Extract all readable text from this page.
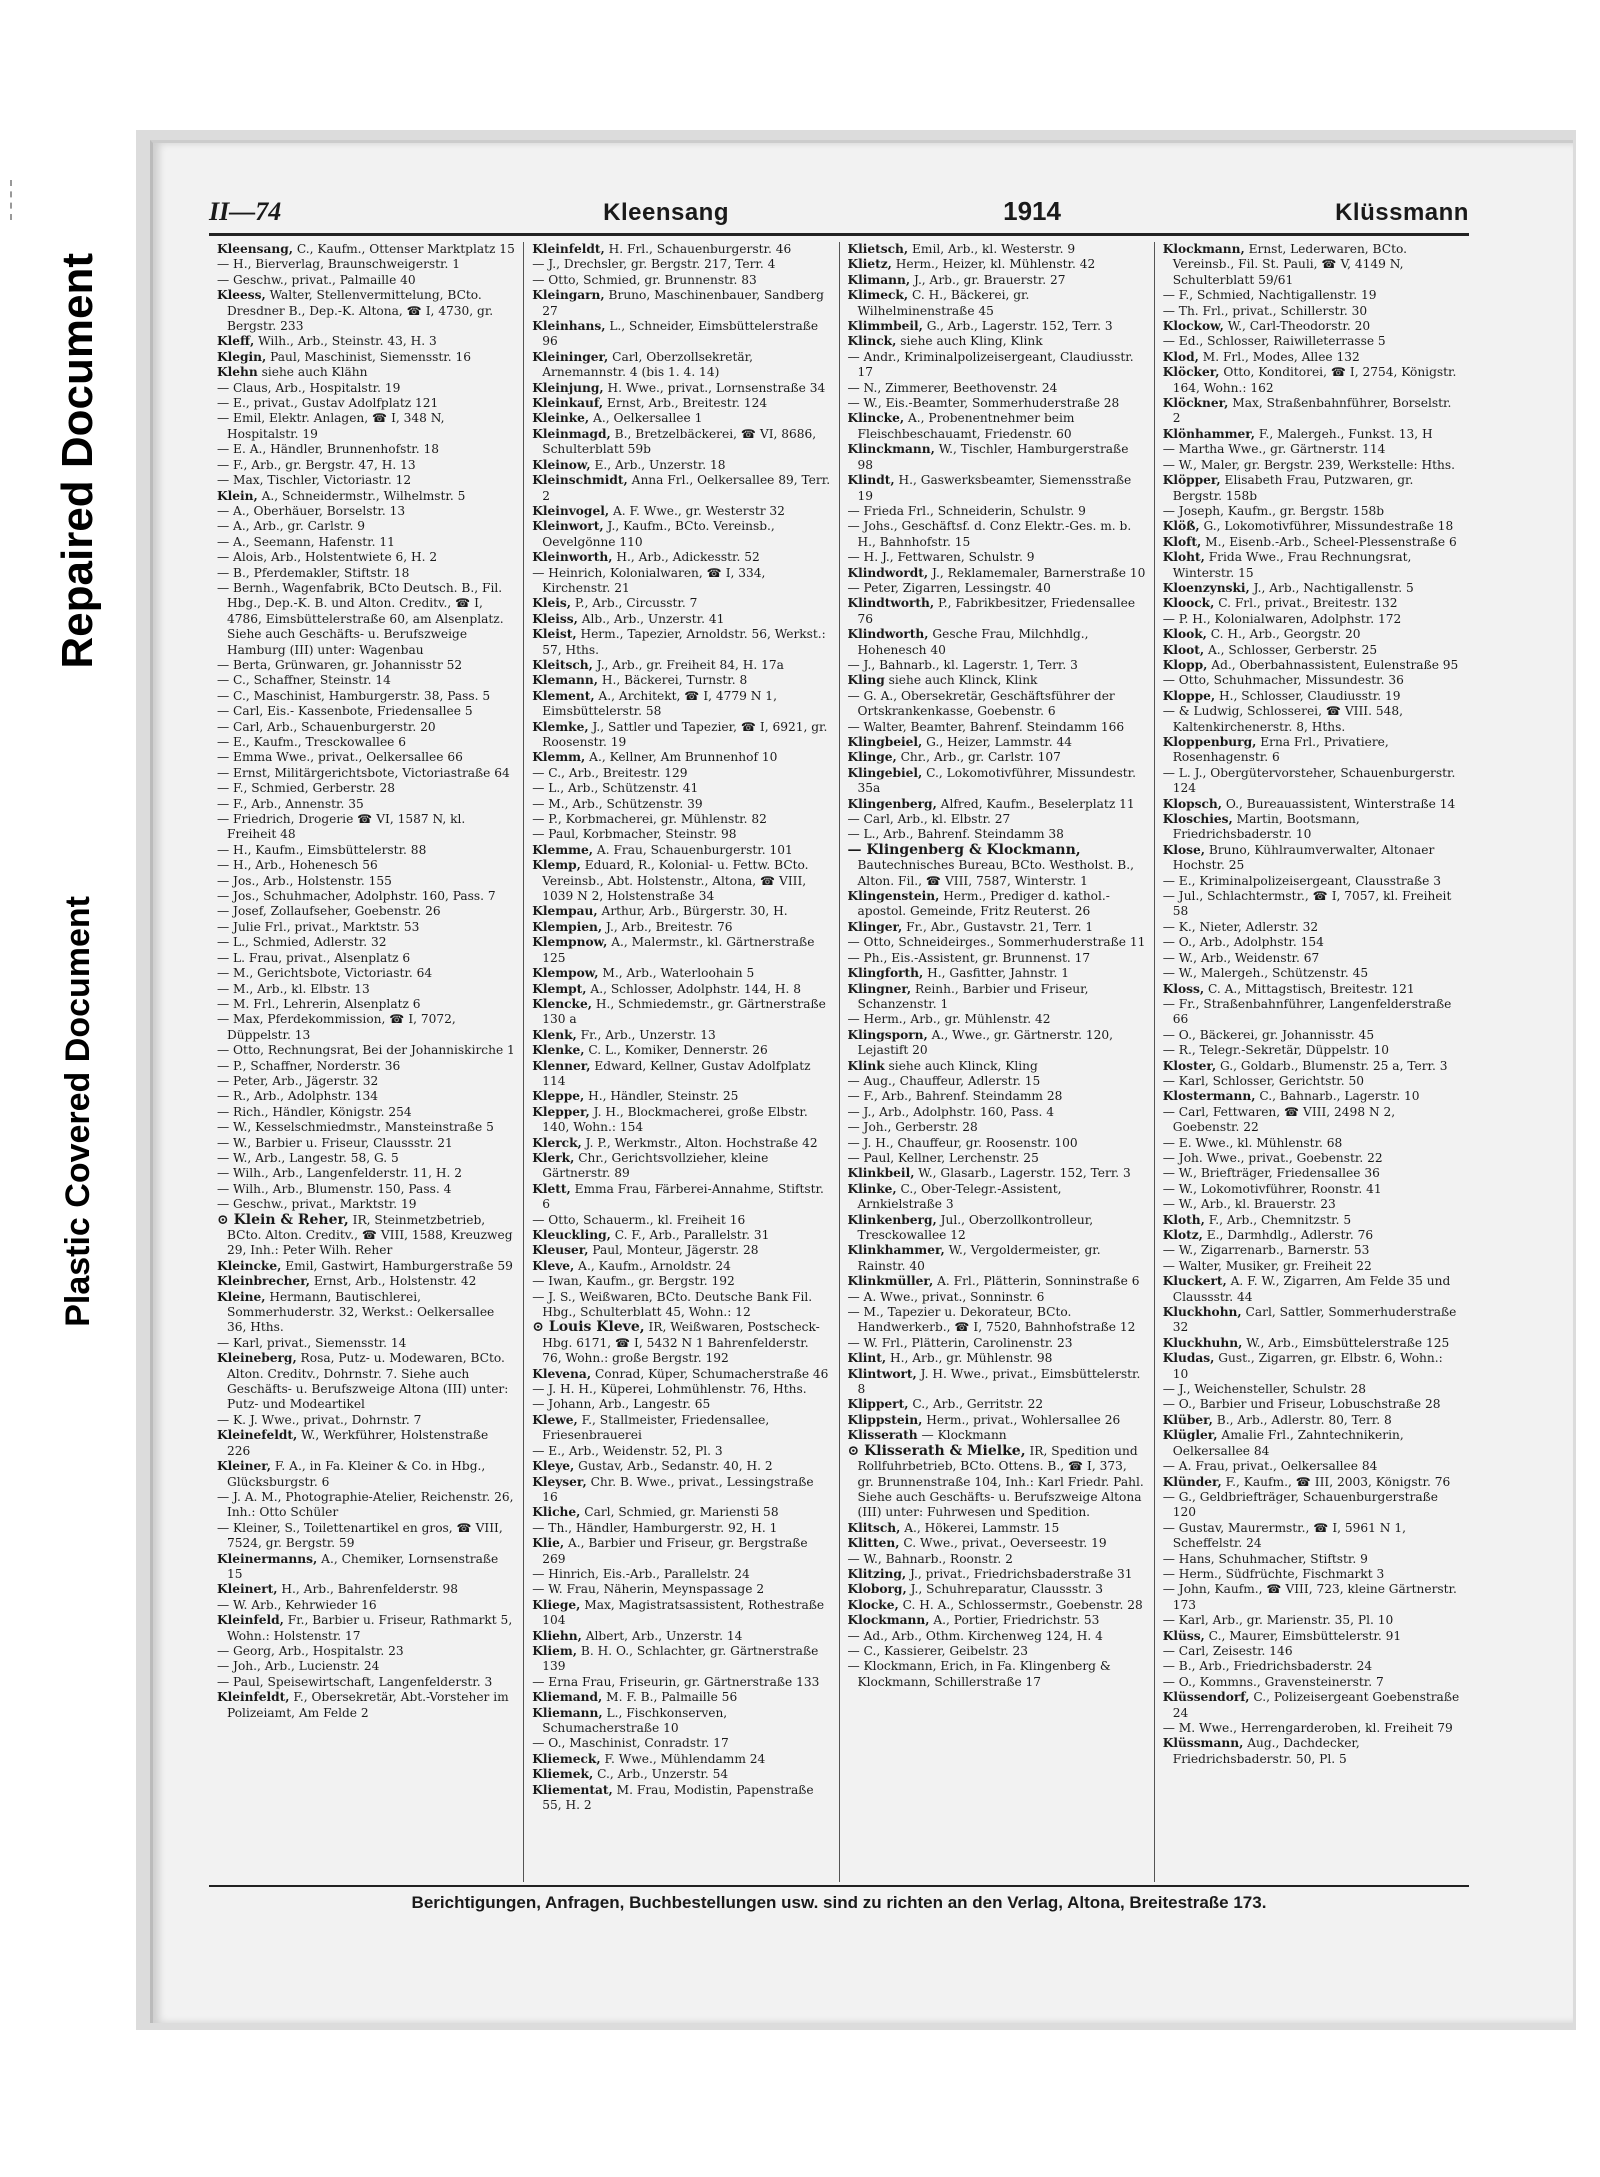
Repaired Document
Plastic Covered Document
II—74	Kleensang	1914	Klüssmann

Kleensang, C., Kaufm., Ottenser Marktplatz 15

— H., Bierverlag, Braunschweigerstr. 1

— Geschw., privat., Palmaille 40

Kleess, Walter, Stellenvermittelung, BCto. Dresdner B., Dep.-K. Altona, ☎ I, 4730, gr. Bergstr. 233

Kleff, Wilh., Arb., Steinstr. 43, H. 3

Klegin, Paul, Maschinist, Siemensstr. 16

Klehn siehe auch Klähn

— Claus, Arb., Hospitalstr. 19

— E., privat., Gustav Adolfplatz 121

— Emil, Elektr. Anlagen, ☎ I, 348 N, Hospitalstr. 19

— E. A., Händler, Brunnenhofstr. 18

— F., Arb., gr. Bergstr. 47, H. 13

— Max, Tischler, Victoriastr. 12

Klein, A., Schneidermstr., Wilhelmstr. 5

— A., Oberhäuer, Borselstr. 13

— A., Arb., gr. Carlstr. 9

— A., Seemann, Hafenstr. 11

— Alois, Arb., Holstentwiete 6, H. 2

— B., Pferdemakler, Stiftstr. 18

— Bernh., Wagenfabrik, BCto Deutsch. B., Fil. Hbg., Dep.-K. B. und Alton. Creditv., ☎ I, 4786, Eimsbüttelerstraße 60, am Alsenplatz. Siehe auch Geschäfts- u. Berufszweige Hamburg (III) unter: Wagenbau

— Berta, Grünwaren, gr. Johannisstr 52

— C., Schaffner, Steinstr. 14

— C., Maschinist, Hamburgerstr. 38, Pass. 5

— Carl, Eis.- Kassenbote, Friedensallee 5

— Carl, Arb., Schauenburgerstr. 20

— E., Kaufm., Tresckowallee 6

— Emma Wwe., privat., Oelkersallee 66

— Ernst, Militärgerichtsbote, Victoriastraße 64

— F., Schmied, Gerberstr. 28

— F., Arb., Annenstr. 35

— Friedrich, Drogerie ☎ VI, 1587 N, kl. Freiheit 48

— H., Kaufm., Eimsbüttelerstr. 88

— H., Arb., Hohenesch 56

— Jos., Arb., Holstenstr. 155

— Jos., Schuhmacher, Adolphstr. 160, Pass. 7

— Josef, Zollaufseher, Goebenstr. 26

— Julie Frl., privat., Marktstr. 53

— L., Schmied, Adlerstr. 32

— L. Frau, privat., Alsenplatz 6

— M., Gerichtsbote, Victoriastr. 64

— M., Arb., kl. Elbstr. 13

— M. Frl., Lehrerin, Alsenplatz 6

— Max, Pferdekommission, ☎ I, 7072, Düppelstr. 13

— Otto, Rechnungsrat, Bei der Johanniskirche 1

— P., Schaffner, Norderstr. 36

— Peter, Arb., Jägerstr. 32

— R., Arb., Adolphstr. 134

— Rich., Händler, Königstr. 254

— W., Kesselschmiedmstr., Mansteinstraße 5

— W., Barbier u. Friseur, Claussstr. 21

— W., Arb., Langestr. 58, G. 5

— Wilh., Arb., Langenfelderstr. 11, H. 2

— Wilh., Arb., Blumenstr. 150, Pass. 4

— Geschw., privat., Marktstr. 19

⊙ Klein & Reher, IR, Steinmetzbetrieb, BCto. Alton. Creditv., ☎ VIII, 1588, Kreuzweg 29, Inh.: Peter Wilh. Reher

Kleincke, Emil, Gastwirt, Hamburgerstraße 59

Kleinbrecher, Ernst, Arb., Holstenstr. 42

Kleine, Hermann, Bautischlerei, Sommerhuderstr. 32, Werkst.: Oelkersallee 36, Hths.

— Karl, privat., Siemensstr. 14

Kleineberg, Rosa, Putz- u. Modewaren, BCto. Alton. Creditv., Dohrnstr. 7. Siehe auch Geschäfts- u. Berufszweige Altona (III) unter: Putz- und Modeartikel

— K. J. Wwe., privat., Dohrnstr. 7

Kleinefeldt, W., Werkführer, Holstenstraße 226

Kleiner, F. A., in Fa. Kleiner & Co. in Hbg., Glücksburgstr. 6

— J. A. M., Photographie-Atelier, Reichenstr. 26, Inh.: Otto Schüler

— Kleiner, S., Toilettenartikel en gros, ☎ VIII, 7524, gr. Bergstr. 59

Kleinermanns, A., Chemiker, Lornsenstraße 15

Kleinert, H., Arb., Bahrenfelderstr. 98

— W. Arb., Kehrwieder 16

Kleinfeld, Fr., Barbier u. Friseur, Rathmarkt 5, Wohn.: Holstenstr. 17

— Georg, Arb., Hospitalstr. 23

— Joh., Arb., Lucienstr. 24

— Paul, Speisewirtschaft, Langenfelderstr. 3

Kleinfeldt, F., Obersekretär, Abt.-Vorsteher im Polizeiamt, Am Felde 2

Kleinfeldt, H. Frl., Schauenburgerstr. 46

— J., Drechsler, gr. Bergstr. 217, Terr. 4

— Otto, Schmied, gr. Brunnenstr. 83

Kleingarn, Bruno, Maschinenbauer, Sandberg 27

Kleinhans, L., Schneider, Eimsbüttelerstraße 96

Kleininger, Carl, Oberzollsekretär, Arnemannstr. 4 (bis 1. 4. 14)

Kleinjung, H. Wwe., privat., Lornsenstraße 34

Kleinkauf, Ernst, Arb., Breitestr. 124

Kleinke, A., Oelkersallee 1

Kleinmagd, B., Bretzelbäckerei, ☎ VI, 8686, Schulterblatt 59b

Kleinow, E., Arb., Unzerstr. 18

Kleinschmidt, Anna Frl., Oelkersallee 89, Terr. 2

Kleinvogel, A. F. Wwe., gr. Westerstr 32

Kleinwort, J., Kaufm., BCto. Vereinsb., Oevelgönne 110

Kleinworth, H., Arb., Adickesstr. 52

— Heinrich, Kolonialwaren, ☎ I, 334, Kirchenstr. 21

Kleis, P., Arb., Circusstr. 7

Kleiss, Alb., Arb., Unzerstr. 41

Kleist, Herm., Tapezier, Arnoldstr. 56, Werkst.: 57, Hths.

Kleitsch, J., Arb., gr. Freiheit 84, H. 17a

Klemann, H., Bäckerei, Turnstr. 8

Klement, A., Architekt, ☎ I, 4779 N 1, Eimsbüttelerstr. 58

Klemke, J., Sattler und Tapezier, ☎ I, 6921, gr. Roosenstr. 19

Klemm, A., Kellner, Am Brunnenhof 10

— C., Arb., Breitestr. 129

— L., Arb., Schützenstr. 41

— M., Arb., Schützenstr. 39

— P., Korbmacherei, gr. Mühlenstr. 82

— Paul, Korbmacher, Steinstr. 98

Klemme, A. Frau, Schauenburgerstr. 101

Klemp, Eduard, R., Kolonial- u. Fettw. BCto. Vereinsb., Abt. Holstenstr., Altona, ☎ VIII, 1039 N 2, Holstenstraße 34

Klempau, Arthur, Arb., Bürgerstr. 30, H.

Klempien, J., Arb., Breitestr. 76

Klempnow, A., Malermstr., kl. Gärtnerstraße 125

Klempow, M., Arb., Waterloohain 5

Klempt, A., Schlosser, Adolphstr. 144, H. 8

Klencke, H., Schmiedemstr., gr. Gärtnerstraße 130 a

Klenk, Fr., Arb., Unzerstr. 13

Klenke, C. L., Komiker, Dennerstr. 26

Klenner, Edward, Kellner, Gustav Adolfplatz 114

Kleppe, H., Händler, Steinstr. 25

Klepper, J. H., Blockmacherei, große Elbstr. 140, Wohn.: 154

Klerck, J. P., Werkmstr., Alton. Hochstraße 42

Klerk, Chr., Gerichtsvollzieher, kleine Gärtnerstr. 89

Klett, Emma Frau, Färberei-Annahme, Stiftstr. 6

— Otto, Schauerm., kl. Freiheit 16

Kleuckling, C. F., Arb., Parallelstr. 31

Kleuser, Paul, Monteur, Jägerstr. 28

Kleve, A., Kaufm., Arnoldstr. 24

— Iwan, Kaufm., gr. Bergstr. 192

— J. S., Weißwaren, BCto. Deutsche Bank Fil. Hbg., Schulterblatt 45, Wohn.: 12

⊙ Louis Kleve, IR, Weißwaren, Postscheck-Hbg. 6171, ☎ I, 5432 N 1 Bahrenfelderstr. 76, Wohn.: große Bergstr. 192

Klevena, Conrad, Küper, Schumacherstraße 46

— J. H. H., Küperei, Lohmühlenstr. 76, Hths.

— Johann, Arb., Langestr. 65

Klewe, F., Stallmeister, Friedensallee, Friesenbrauerei

— E., Arb., Weidenstr. 52, Pl. 3

Kleye, Gustav, Arb., Sedanstr. 40, H. 2

Kleyser, Chr. B. Wwe., privat., Lessingstraße 16

Kliche, Carl, Schmied, gr. Mariensti 58

— Th., Händler, Hamburgerstr. 92, H. 1

Klie, A., Barbier und Friseur, gr. Bergstraße 269

— Hinrich, Eis.-Arb., Parallelstr. 24

— W. Frau, Näherin, Meynspassage 2

Kliege, Max, Magistratsassistent, Rothestraße 104

Kliehn, Albert, Arb., Unzerstr. 14

Kliem, B. H. O., Schlachter, gr. Gärtnerstraße 139

— Erna Frau, Friseurin, gr. Gärtnerstraße 133

Kliemand, M. F. B., Palmaille 56

Kliemann, L., Fischkonserven, Schumacherstraße 10

— O., Maschinist, Conradstr. 17

Kliemeck, F. Wwe., Mühlendamm 24

Kliemek, C., Arb., Unzerstr. 54

Kliementat, M. Frau, Modistin, Papenstraße 55, H. 2

Klietsch, Emil, Arb., kl. Westerstr. 9

Klietz, Herm., Heizer, kl. Mühlenstr. 42

Klimann, J., Arb., gr. Brauerstr. 27

Klimeck, C. H., Bäckerei, gr. Wilhelminenstraße 45

Klimmbeil, G., Arb., Lagerstr. 152, Terr. 3

Klinck, siehe auch Kling, Klink

— Andr., Kriminalpolizeisergeant, Claudiusstr. 17

— N., Zimmerer, Beethovenstr. 24

— W., Eis.-Beamter, Sommerhuderstraße 28

Klincke, A., Probenentnehmer beim Fleischbeschauamt, Friedenstr. 60

Klinckmann, W., Tischler, Hamburgerstraße 98

Klindt, H., Gaswerksbeamter, Siemensstraße 19

— Frieda Frl., Schneiderin, Schulstr. 9

— Johs., Geschäftsf. d. Conz Elektr.-Ges. m. b. H., Bahnhofstr. 15

— H. J., Fettwaren, Schulstr. 9

Klindwordt, J., Reklamemaler, Barnerstraße 10

— Peter, Zigarren, Lessingstr. 40

Klindtworth, P., Fabrikbesitzer, Friedensallee 76

Klindworth, Gesche Frau, Milchhdlg., Hohenesch 40

— J., Bahnarb., kl. Lagerstr. 1, Terr. 3

Kling siehe auch Klinck, Klink

— G. A., Obersekretär, Geschäftsführer der Ortskrankenkasse, Goebenstr. 6

— Walter, Beamter, Bahrenf. Steindamm 166

Klingbeiel, G., Heizer, Lammstr. 44

Klinge, Chr., Arb., gr. Carlstr. 107

Klingebiel, C., Lokomotivführer, Missundestr. 35a

Klingenberg, Alfred, Kaufm., Beselerplatz 11

— Carl, Arb., kl. Elbstr. 27

— L., Arb., Bahrenf. Steindamm 38

— Klingenberg & Klockmann, Bautechnisches Bureau, BCto. Westholst. B., Alton. Fil., ☎ VIII, 7587, Winterstr. 1

Klingenstein, Herm., Prediger d. kathol.-apostol. Gemeinde, Fritz Reuterst. 26

Klinger, Fr., Abr., Gustavstr. 21, Terr. 1

— Otto, Schneideirges., Sommerhuderstraße 11

— Ph., Eis.-Assistent, gr. Brunnenst. 17

Klingforth, H., Gasfitter, Jahnstr. 1

Klingner, Reinh., Barbier und Friseur, Schanzenstr. 1

— Herm., Arb., gr. Mühlenstr. 42

Klingsporn, A., Wwe., gr. Gärtnerstr. 120, Lejastift 20

Klink siehe auch Klinck, Kling

— Aug., Chauffeur, Adlerstr. 15

— F., Arb., Bahrenf. Steindamm 28

— J., Arb., Adolphstr. 160, Pass. 4

— Joh., Gerberstr. 28

— J. H., Chauffeur, gr. Roosenstr. 100

— Paul, Kellner, Lerchenstr. 25

Klinkbeil, W., Glasarb., Lagerstr. 152, Terr. 3

Klinke, C., Ober-Telegr.-Assistent, Arnkielstraße 3

Klinkenberg, Jul., Oberzollkontrolleur, Tresckowallee 12

Klinkhammer, W., Vergoldermeister, gr. Rainstr. 40

Klinkmüller, A. Frl., Plätterin, Sonninstraße 6

— A. Wwe., privat., Sonninstr. 6

— M., Tapezier u. Dekorateur, BCto. Handwerkerb., ☎ I, 7520, Bahnhofstraße 12

— W. Frl., Plätterin, Carolinenstr. 23

Klint, H., Arb., gr. Mühlenstr. 98

Klintwort, J. H. Wwe., privat., Eimsbüttelerstr. 8

Klippert, C., Arb., Gerritstr. 22

Klippstein, Herm., privat., Wohlersallee 26

Klisserath — Klockmann

⊙ Klisserath & Mielke, IR, Spedition und Rollfuhrbetrieb, BCto. Ottens. B., ☎ I, 373, gr. Brunnenstraße 104, Inh.: Karl Friedr. Pahl. Siehe auch Geschäfts- u. Berufszweige Altona (III) unter: Fuhrwesen und Spedition.

Klitsch, A., Hökerei, Lammstr. 15

Klitten, C. Wwe., privat., Oeverseestr. 19

— W., Bahnarb., Roonstr. 2

Klitzing, J., privat., Friedrichsbaderstraße 31

Kloborg, J., Schuhreparatur, Claussstr. 3

Klocke, C. H. A., Schlossermstr., Goebenstr. 28

Klockmann, A., Portier, Friedrichstr. 53

— Ad., Arb., Othm. Kirchenweg 124, H. 4

— C., Kassierer, Geibelstr. 23

— Klockmann, Erich, in Fa. Klingenberg & Klockmann, Schillerstraße 17

Klockmann, Ernst, Lederwaren, BCto. Vereinsb., Fil. St. Pauli, ☎ V, 4149 N, Schulterblatt 59/61

— F., Schmied, Nachtigallenstr. 19

— Th. Frl., privat., Schillerstr. 30

Klockow, W., Carl-Theodorstr. 20

— Ed., Schlosser, Raiwilleterrasse 5

Klod, M. Frl., Modes, Allee 132

Klöcker, Otto, Konditorei, ☎ I, 2754, Königstr. 164, Wohn.: 162

Klöckner, Max, Straßenbahnführer, Borselstr. 2

Klönhammer, F., Malergeh., Funkst. 13, H

— Martha Wwe., gr. Gärtnerstr. 114

— W., Maler, gr. Bergstr. 239, Werkstelle: Hths.

Klöpper, Elisabeth Frau, Putzwaren, gr. Bergstr. 158b

— Joseph, Kaufm., gr. Bergstr. 158b

Klöß, G., Lokomotivführer, Missundestraße 18

Kloft, M., Eisenb.-Arb., Scheel-Plessenstraße 6

Kloht, Frida Wwe., Frau Rechnungsrat, Winterstr. 15

Kloenzynski, J., Arb., Nachtigallenstr. 5

Kloock, C. Frl., privat., Breitestr. 132

— P. H., Kolonialwaren, Adolphstr. 172

Klook, C. H., Arb., Georgstr. 20

Kloot, A., Schlosser, Gerberstr. 25

Klopp, Ad., Oberbahnassistent, Eulenstraße 95

— Otto, Schuhmacher, Missundestr. 36

Kloppe, H., Schlosser, Claudiusstr. 19

— & Ludwig, Schlosserei, ☎ VIII. 548, Kaltenkirchenerstr. 8, Hths.

Kloppenburg, Erna Frl., Privatiere, Rosenhagenstr. 6

— L. J., Obergütervorsteher, Schauenburgerstr. 124

Klopsch, O., Bureauassistent, Winterstraße 14

Kloschies, Martin, Bootsmann, Friedrichsbaderstr. 10

Klose, Bruno, Kühlraumverwalter, Altonaer Hochstr. 25

— E., Kriminalpolizeisergeant, Clausstraße 3

— Jul., Schlachtermstr., ☎ I, 7057, kl. Freiheit 58

— K., Nieter, Adlerstr. 32

— O., Arb., Adolphstr. 154

— W., Arb., Weidenstr. 67

— W., Malergeh., Schützenstr. 45

Kloss, C. A., Mittagstisch, Breitestr. 121

— Fr., Straßenbahnführer, Langenfelderstraße 66

— O., Bäckerei, gr. Johannisstr. 45

— R., Telegr.-Sekretär, Düppelstr. 10

Kloster, G., Goldarb., Blumenstr. 25 a, Terr. 3

— Karl, Schlosser, Gerichtstr. 50

Klostermann, C., Bahnarb., Lagerstr. 10

— Carl, Fettwaren, ☎ VIII, 2498 N 2, Goebenstr. 22

— E. Wwe., kl. Mühlenstr. 68

— Joh. Wwe., privat., Goebenstr. 22

— W., Briefträger, Friedensallee 36

— W., Lokomotivführer, Roonstr. 41

— W., Arb., kl. Brauerstr. 23

Kloth, F., Arb., Chemnitzstr. 5

Klotz, E., Darmhdlg., Adlerstr. 76

— W., Zigarrenarb., Barnerstr. 53

— Walter, Musiker, gr. Freiheit 22

Kluckert, A. F. W., Zigarren, Am Felde 35 und Claussstr. 44

Kluckhohn, Carl, Sattler, Sommerhuderstraße 32

Kluckhuhn, W., Arb., Eimsbüttelerstraße 125

Kludas, Gust., Zigarren, gr. Elbstr. 6, Wohn.: 10

— J., Weichensteller, Schulstr. 28

— O., Barbier und Friseur, Lobuschstraße 28

Klüber, B., Arb., Adlerstr. 80, Terr. 8

Klügler, Amalie Frl., Zahntechnikerin, Oelkersallee 84

— A. Frau, privat., Oelkersallee 84

Klünder, F., Kaufm., ☎ III, 2003, Königstr. 76

— G., Geldbriefträger, Schauenburgerstraße 120

— Gustav, Maurermstr., ☎ I, 5961 N 1, Scheffelstr. 24

— Hans, Schuhmacher, Stiftstr. 9

— Herm., Südfrüchte, Fischmarkt 3

— John, Kaufm., ☎ VIII, 723, kleine Gärtnerstr. 173

— Karl, Arb., gr. Marienstr. 35, Pl. 10

Klüss, C., Maurer, Eimsbüttelerstr. 91

— Carl, Zeisestr. 146

— B., Arb., Friedrichsbaderstr. 24

— O., Kommns., Gravensteinerstr. 7

Klüssendorf, C., Polizeisergeant Goebenstraße 24

— M. Wwe., Herrengarderoben, kl. Freiheit 79

Klüssmann, Aug., Dachdecker, Friedrichsbaderstr. 50, Pl. 5

Berichtigungen, Anfragen, Buchbestellungen usw. sind zu richten an den Verlag, Altona, Breitestraße 173.
